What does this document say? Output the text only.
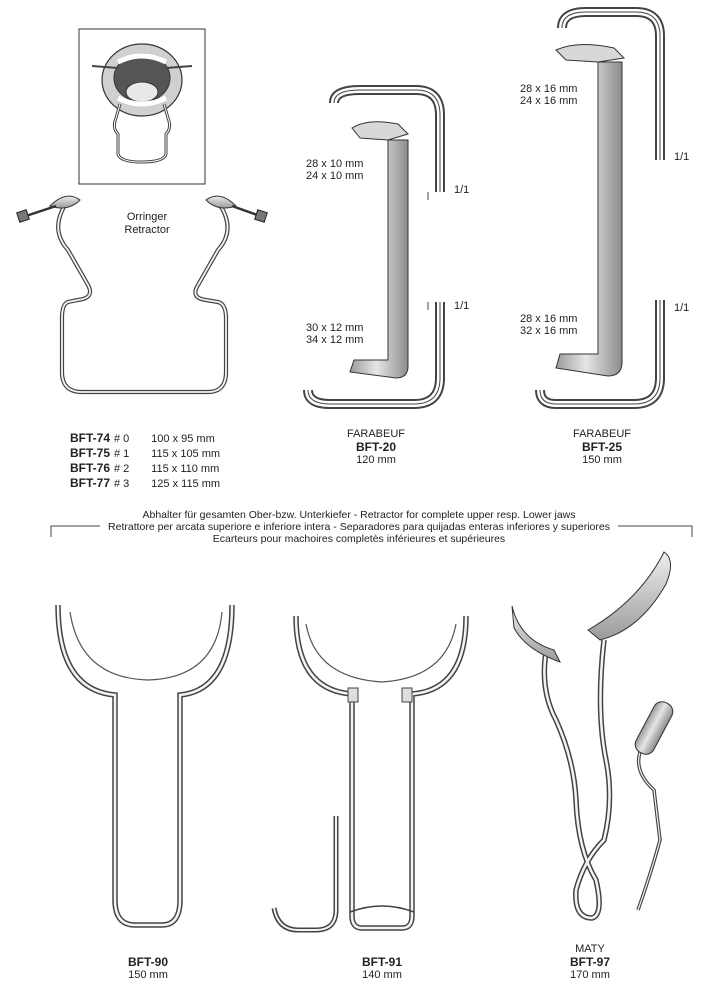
Orringer
Retractor
BFT-74 # 0 100 x 95 mm
BFT-75 # 1 115 x 105 mm
BFT-76 # 2 115 x 110 mm
BFT-77 # 3 125 x 115 mm
28 x 10 mm
24 x 10 mm
30 x 12 mm
34 x 12 mm
1/1
1/1
FARABEUF
BFT-20
120 mm
28 x 16 mm
24 x 16 mm
28 x 16 mm
32 x 16 mm
1/1
1/1
FARABEUF
BFT-25
150 mm
Abhalter für gesamten Ober-bzw. Unterkiefer - Retractor for complete upper resp. Lower jaws
Retrattore per arcata superiore e inferiore intera - Separadores para quijadas enteras inferiores y superiores
Ecarteurs pour machoires completès inférieures et supérieures
BFT-90
150 mm
BFT-91
140 mm
MATY
BFT-97
170 mm
